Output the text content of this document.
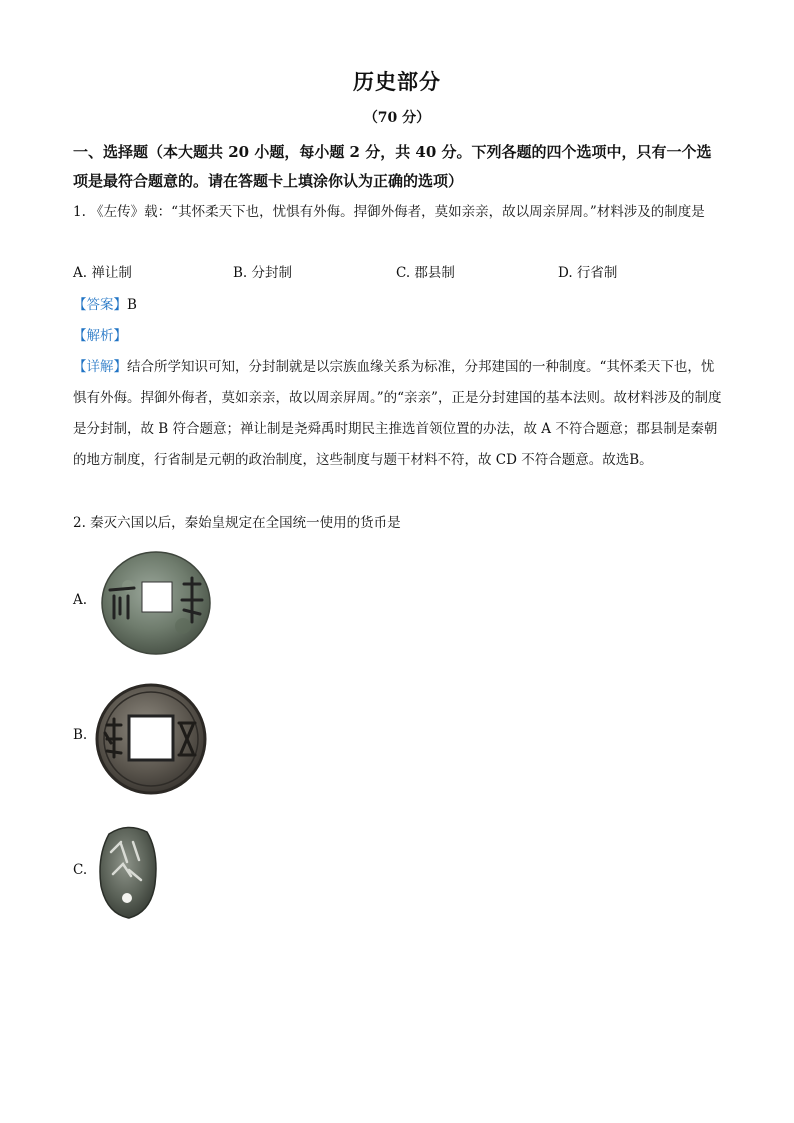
历史部分
（70 分）
一、选择题（本大题共 20 小题，每小题 2 分，共 40 分。下列各题的四个选项中，只有一个选项是最符合题意的。请在答题卡上填涂你认为正确的选项）
1. 《左传》载：“其怀柔天下也，忧惧有外侮。捍御外侮者，莫如亲亲，故以周亲屏周。”材料涉及的制度是
A. 禅让制	B. 分封制	C. 郡县制	D. 行省制
【答案】B
【解析】
【详解】结合所学知识可知，分封制就是以宗族血缘关系为标准，分邦建国的一种制度。“其怀柔天下也，忧惧有外侮。捍御外侮者，莫如亲亲，故以周亲屏周。”的“亲亲”，正是分封建国的基本法则。故材料涉及的制度是分封制，故 B 符合题意；禅让制是尧舜禹时期民主推选首领位置的办法，故 A 不符合题意；郡县制是秦朝的地方制度，行省制是元朝的政治制度，这些制度与题干材料不符，故 CD 不符合题意。故选B。
2. 秦灭六国以后，秦始皇规定在全国统一使用的货币是
A.
B.
C.
